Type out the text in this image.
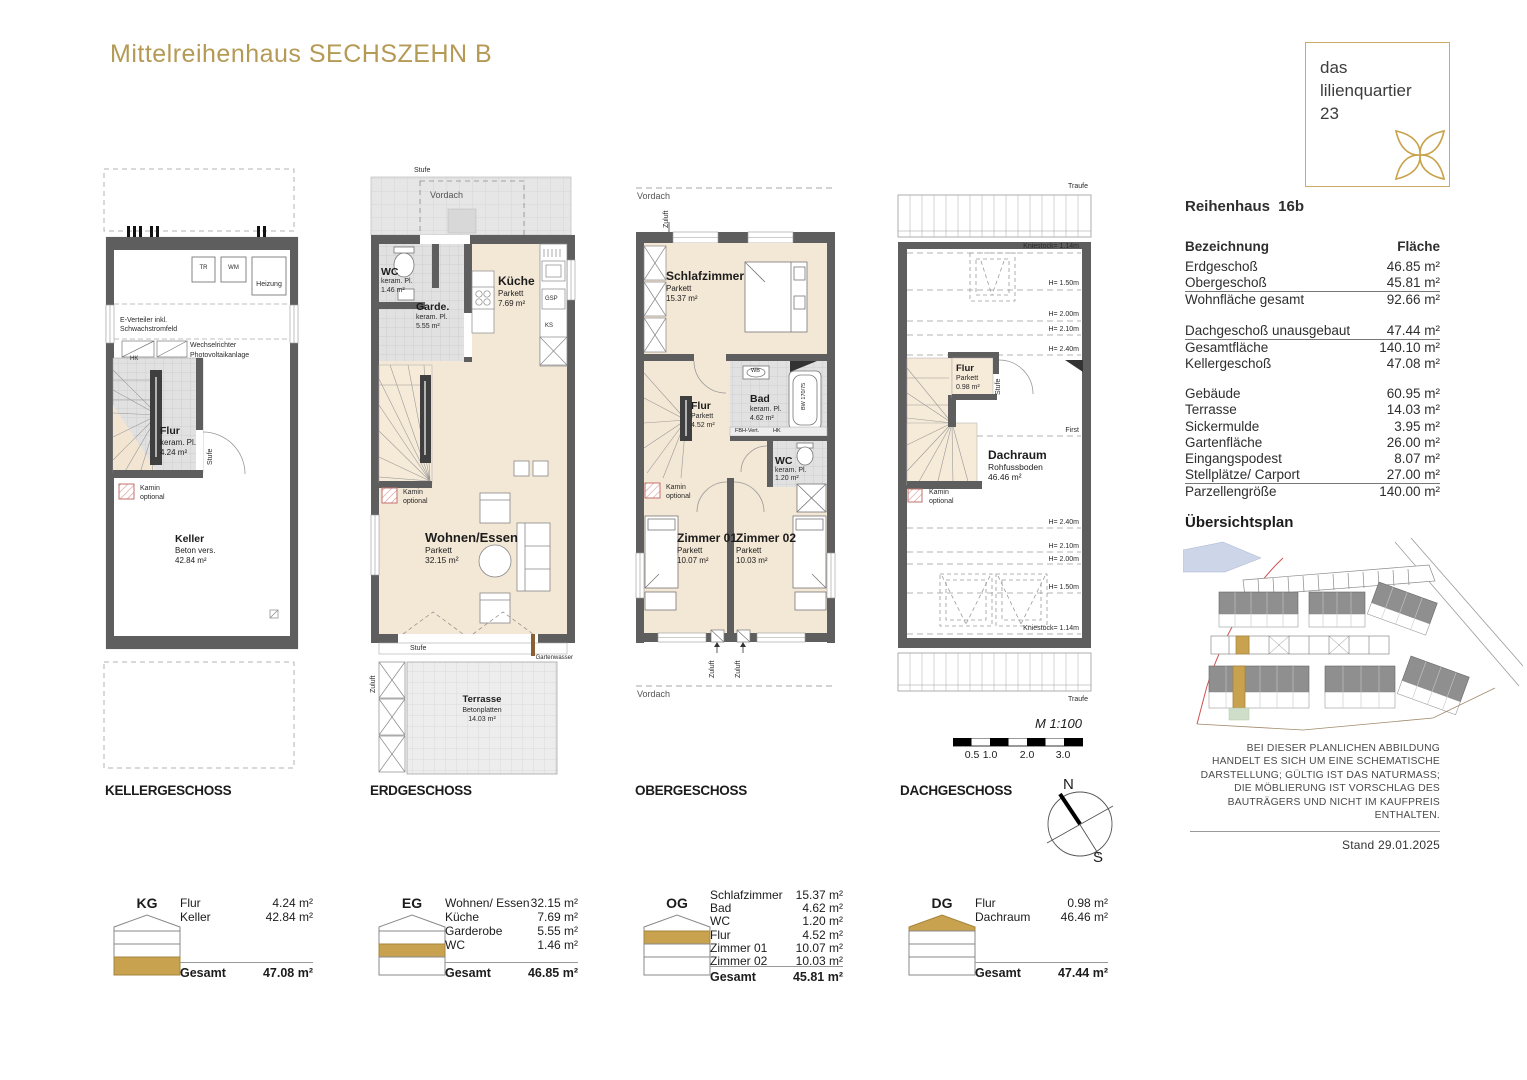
Mittelreihenhaus SECHSZEHN B	das
lilienquartier
23
TR	WM
Heizung
E-Verteiler inkl.
Schwachstromfeld
Wechselrichter
Photovoltaikanlage
HK
Flur
keram. Pl.
4.24 m²	Stufe
Kamin
optional
Keller
Beton vers.
42.84 m²
Stufe
Vordach
WC
keram. Pl.
1.46 m²
Garde.
keram. Pl.
5.55 m²
Küche
Parkett
7.69 m²	GSP
KS
Kamin
optional
Wohnen/Essen
Parkett
32.15 m²
Stufe
Zuluft
Gartenwasser
Terrasse
Betonplatten
14.03 m²
Vordach
Zuluft
Schlafzimmer
Parkett
15.37 m²
Flur
Parkett
4.52 m²
Bad
keram. Pl.
4.62 m²
WB
BW 170/75
FBH-Vert.	HK
WC
keram. Pl.
1.20 m²
Kamin
optional
Zimmer 01
Parkett
10.07 m²
Zimmer 02
Parkett
10.03 m²
Zuluft	Zuluft
Vordach
Traufe
Kniestock= 1.14m
H= 1.50m
H= 2.00m
H= 2.10m
H= 2.40m
Flur
Parkett
0.98 m² Stufe
First
Dachraum
Rohfussboden
46.46 m²
Kamin
optional
H= 2.40m
H= 2.10m
H= 2.00m
H= 1.50m
Kniestock= 1.14m
Traufe
KELLERGESCHOSS	ERDGESCHOSS	OBERGESCHOSS	DACHGESCHOSS
M 1:100
0.5 1.0	2.0	3.0
N
S
Reihenhaus 16b
Bezeichnung	Fläche
Erdgeschoß	46.85 m²
Obergeschoß	45.81 m²
Wohnfläche gesamt	92.66 m²
Dachgeschoß unausgebaut	47.44 m²
Gesamtfläche	140.10 m²
Kellergeschoß	47.08 m²
Gebäude	60.95 m²
Terrasse	14.03 m²
Sickermulde	3.95 m²
Gartenfläche	26.00 m²
Eingangspodest	8.07 m²
Stellplätze/ Carport	27.00 m²
Parzellengröße	140.00 m²
Übersichtsplan
BEI DIESER PLANLICHEN ABBILDUNG
HANDELT ES SICH UM EINE SCHEMATISCHE
DARSTELLUNG; GÜLTIG IST DAS NATURMASS;
DIE MÖBLIERUNG IST VORSCHLAG DES
BAUTRÄGERS UND NICHT IM KAUFPREIS ENTHALTEN.
Stand 29.01.2025
KG	Flur	4.24 m²
Keller	42.84 m²
Gesamt	47.08 m²
EG	Wohnen/ Essen 32.15 m²
Küche	7.69 m²
Garderobe	5.55 m²
WC	1.46 m²
Gesamt	46.85 m²
OG	Schlafzimmer 15.37 m²
Bad	4.62 m²
WC	1.20 m²
Flur	4.52 m²
Zimmer 01 10.07 m²
Zimmer 02 10.03 m²
Gesamt	45.81 m²
DG	Flur	0.98 m²
Dachraum	46.46 m²
Gesamt	47.44 m²
